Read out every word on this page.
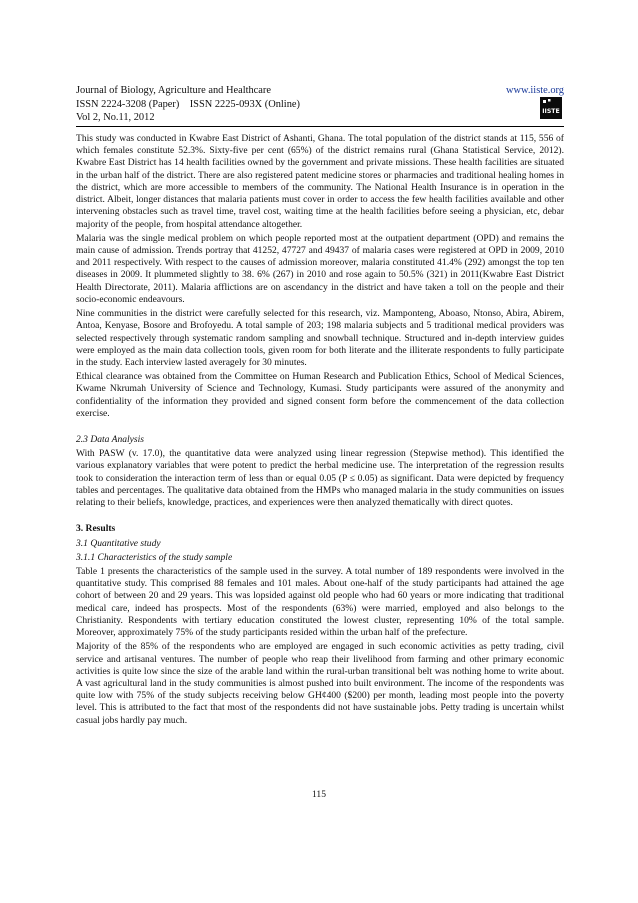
Journal of Biology, Agriculture and Healthcare	www.iiste.org
ISSN 2224-3208 (Paper)    ISSN 2225-093X (Online)
Vol 2, No.11, 2012
IISTE

This study was conducted in Kwabre East District of Ashanti, Ghana. The total population of the district stands at 115, 556 of which females constitute 52.3%. Sixty-five per cent (65%) of the district remains rural (Ghana Statistical Service, 2012). Kwabre East District has 14 health facilities owned by the government and private missions. These health facilities are situated in the urban half of the district. There are also registered patent medicine stores or pharmacies and traditional healing homes in the district, which are more accessible to members of the community. The National Health Insurance is in operation in the district. Albeit, longer distances that malaria patients must cover in order to access the few health facilities available and other intervening obstacles such as travel time, travel cost, waiting time at the health facilities before seeing a physician, etc, debar majority of the people, from hospital attendance altogether.

Malaria was the single medical problem on which people reported most at the outpatient department (OPD) and remains the main cause of admission. Trends portray that 41252, 47727 and 49437 of malaria cases were registered at OPD in 2009, 2010 and 2011 respectively. With respect to the causes of admission moreover, malaria constituted 41.4% (292) amongst the top ten diseases in 2009. It plummeted slightly to 38. 6% (267) in 2010 and rose again to 50.5% (321) in 2011(Kwabre East District Health Directorate, 2011). Malaria afflictions are on ascendancy in the district and have taken a toll on the people and their socio-economic endeavours.

Nine communities in the district were carefully selected for this research, viz. Mamponteng, Aboaso, Ntonso, Abira, Abirem, Antoa, Kenyase, Bosore and Brofoyedu. A total sample of 203; 198 malaria subjects and 5 traditional medical providers was selected respectively through systematic random sampling and snowball technique. Structured and in-depth interview guides were employed as the main data collection tools, given room for both literate and the illiterate respondents to fully participate in the study. Each interview lasted averagely for 30 minutes.

Ethical clearance was obtained from the Committee on Human Research and Publication Ethics, School of Medical Sciences, Kwame Nkrumah University of Science and Technology, Kumasi. Study participants were assured of the anonymity and confidentiality of the information they provided and signed consent form before the commencement of the data collection exercise.

2.3 Data Analysis

With PASW (v. 17.0), the quantitative data were analyzed using linear regression (Stepwise method). This identified the various explanatory variables that were potent to predict the herbal medicine use. The interpretation of the regression results took to consideration the interaction term of less than or equal 0.05 (P ≤ 0.05) as significant. Data were depicted by frequency tables and percentages. The qualitative data obtained from the HMPs who managed malaria in the study communities on issues relating to their beliefs, knowledge, practices, and experiences were then analyzed thematically with direct quotes.

3. Results

3.1 Quantitative study

3.1.1 Characteristics of the study sample

Table 1 presents the characteristics of the sample used in the survey. A total number of 189 respondents were involved in the quantitative study. This comprised 88 females and 101 males. About one-half of the study participants had attained the age cohort of between 20 and 29 years. This was lopsided against old people who had 60 years or more indicating that traditional medical care, indeed has prospects. Most of the respondents (63%) were married, employed and also belongs to the Christianity. Respondents with tertiary education constituted the lowest cluster, representing 10% of the total sample. Moreover, approximately 75% of the study participants resided within the urban half of the prefecture.

Majority of the 85% of the respondents who are employed are engaged in such economic activities as petty trading, civil service and artisanal ventures. The number of people who reap their livelihood from farming and other primary economic activities is quite low since the size of the arable land within the rural-urban transitional belt was nothing home to write about. A vast agricultural land in the study communities is almost pushed into built environment. The income of the respondents was quite low with 75% of the study subjects receiving below GH¢400 ($200) per month, leading most people into the poverty level. This is attributed to the fact that most of the respondents did not have sustainable jobs. Petty trading is uncertain whilst casual jobs hardly pay much.

115
